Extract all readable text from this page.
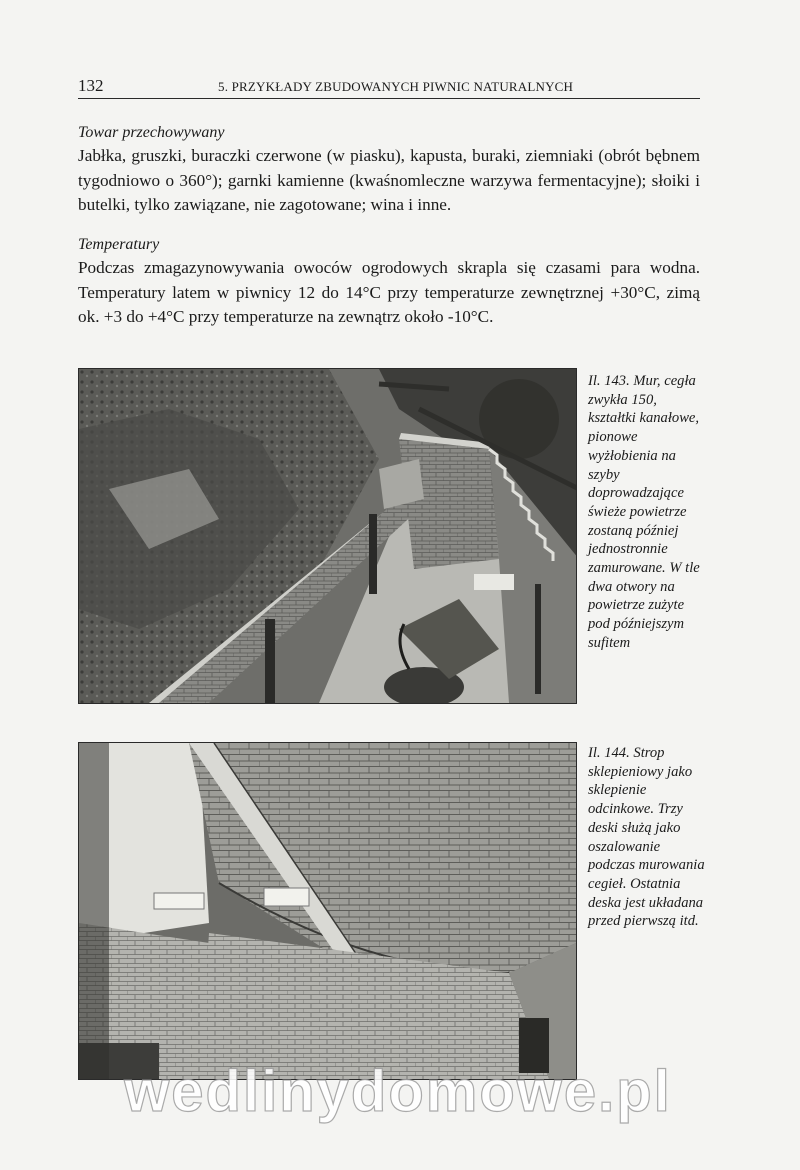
132	5. PRZYKŁADY ZBUDOWANYCH PIWNIC NATURALNYCH

Towar przechowywany

Jabłka, gruszki, buraczki czerwone (w piasku), kapusta, buraki, ziemniaki (obrót bębnem tygodniowo o 360°); garnki kamienne (kwaśnomleczne warzywa fermentacyjne); słoiki i butelki, tylko zawiązane, nie zagotowane; wina i inne.

Temperatury

Podczas zmagazynowywania owoców ogrodowych skrapla się czasami para wodna. Temperatury latem w piwnicy 12 do 14°C przy temperaturze zewnętrznej +30°C, zimą ok. +3 do +4°C przy temperaturze na zewnątrz około -10°C.

Il. 143. Mur, cegła zwykła 150, kształtki kanałowe, pionowe wyżłobienia na szyby doprowadzające świeże powietrze zostaną później jednostronnie zamurowane. W tle dwa otwory na powietrze zużyte pod późniejszym sufitem

Il. 144. Strop sklepieniowy jako sklepienie odcinkowe. Trzy deski służą jako oszalowanie podczas murowania cegieł. Ostatnia deska jest układana przed pierwszą itd.

wedlinydomowe.pl
